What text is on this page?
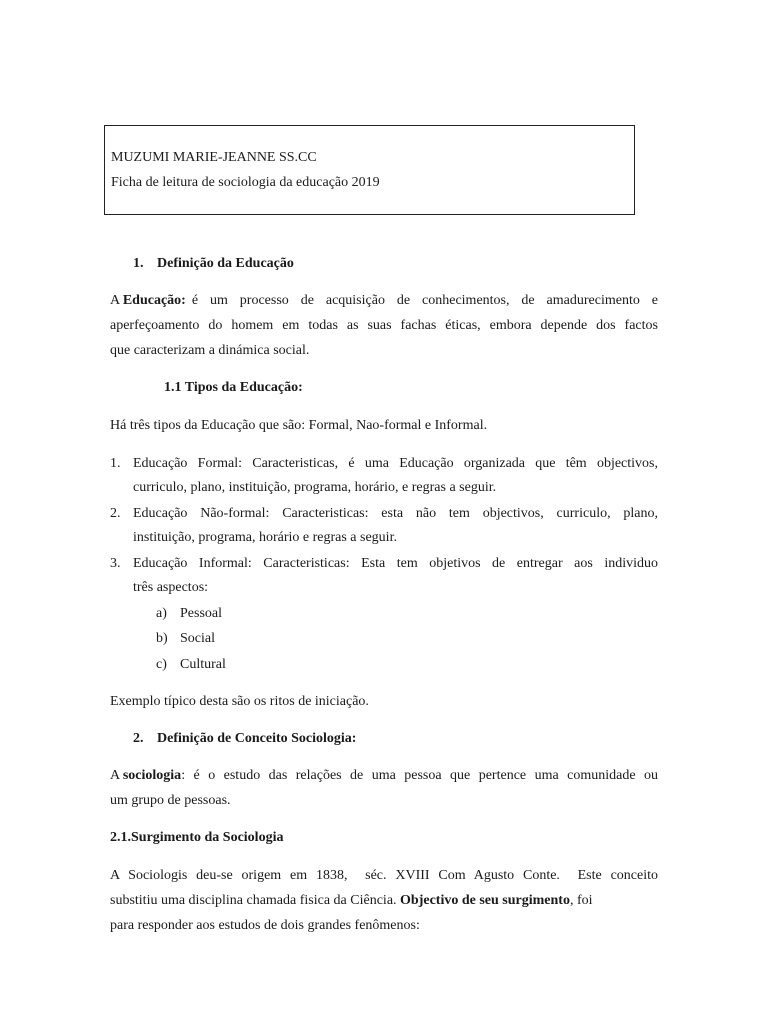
MUZUMI MARIE-JEANNE SS.CC
Ficha de leitura de sociologia da educação 2019
1. Definição da Educação
A Educação: é um processo de acquisição de conhecimentos, de amadurecimento e
aperfeçoamento do homem em todas as suas fachas éticas, embora depende dos factos
que caracterizam a dinámica social.
1.1 Tipos da Educação:
Há três tipos da Educação que são: Formal, Nao-formal e Informal.
1. Educação Formal: Caracteristicas, é uma Educação organizada que têm objectivos,
curriculo, plano, instituição, programa, horário, e regras a seguir.
2. Educação Não-formal: Caracteristicas: esta não tem objectivos, curriculo, plano,
instituição, programa, horário e regras a seguir.
3. Educação Informal: Caracteristicas: Esta tem objetivos de entregar aos individuo
três aspectos:
a) Pessoal
b) Social
c) Cultural
Exemplo típico desta são os ritos de iniciação.
2. Definição de Conceito Sociologia:
A sociologia : é o estudo das relações de uma pessoa que pertence uma comunidade ou
um grupo de pessoas.
2.1.Surgimento da Sociologia
A Sociologis deu-se origem em 1838,  séc. XVIII Com Agusto Conte.  Este conceito
substitiu uma disciplina chamada fisica da Ciência. Objectivo de seu surgimento, foi
para responder aos estudos de dois grandes fenômenos:
